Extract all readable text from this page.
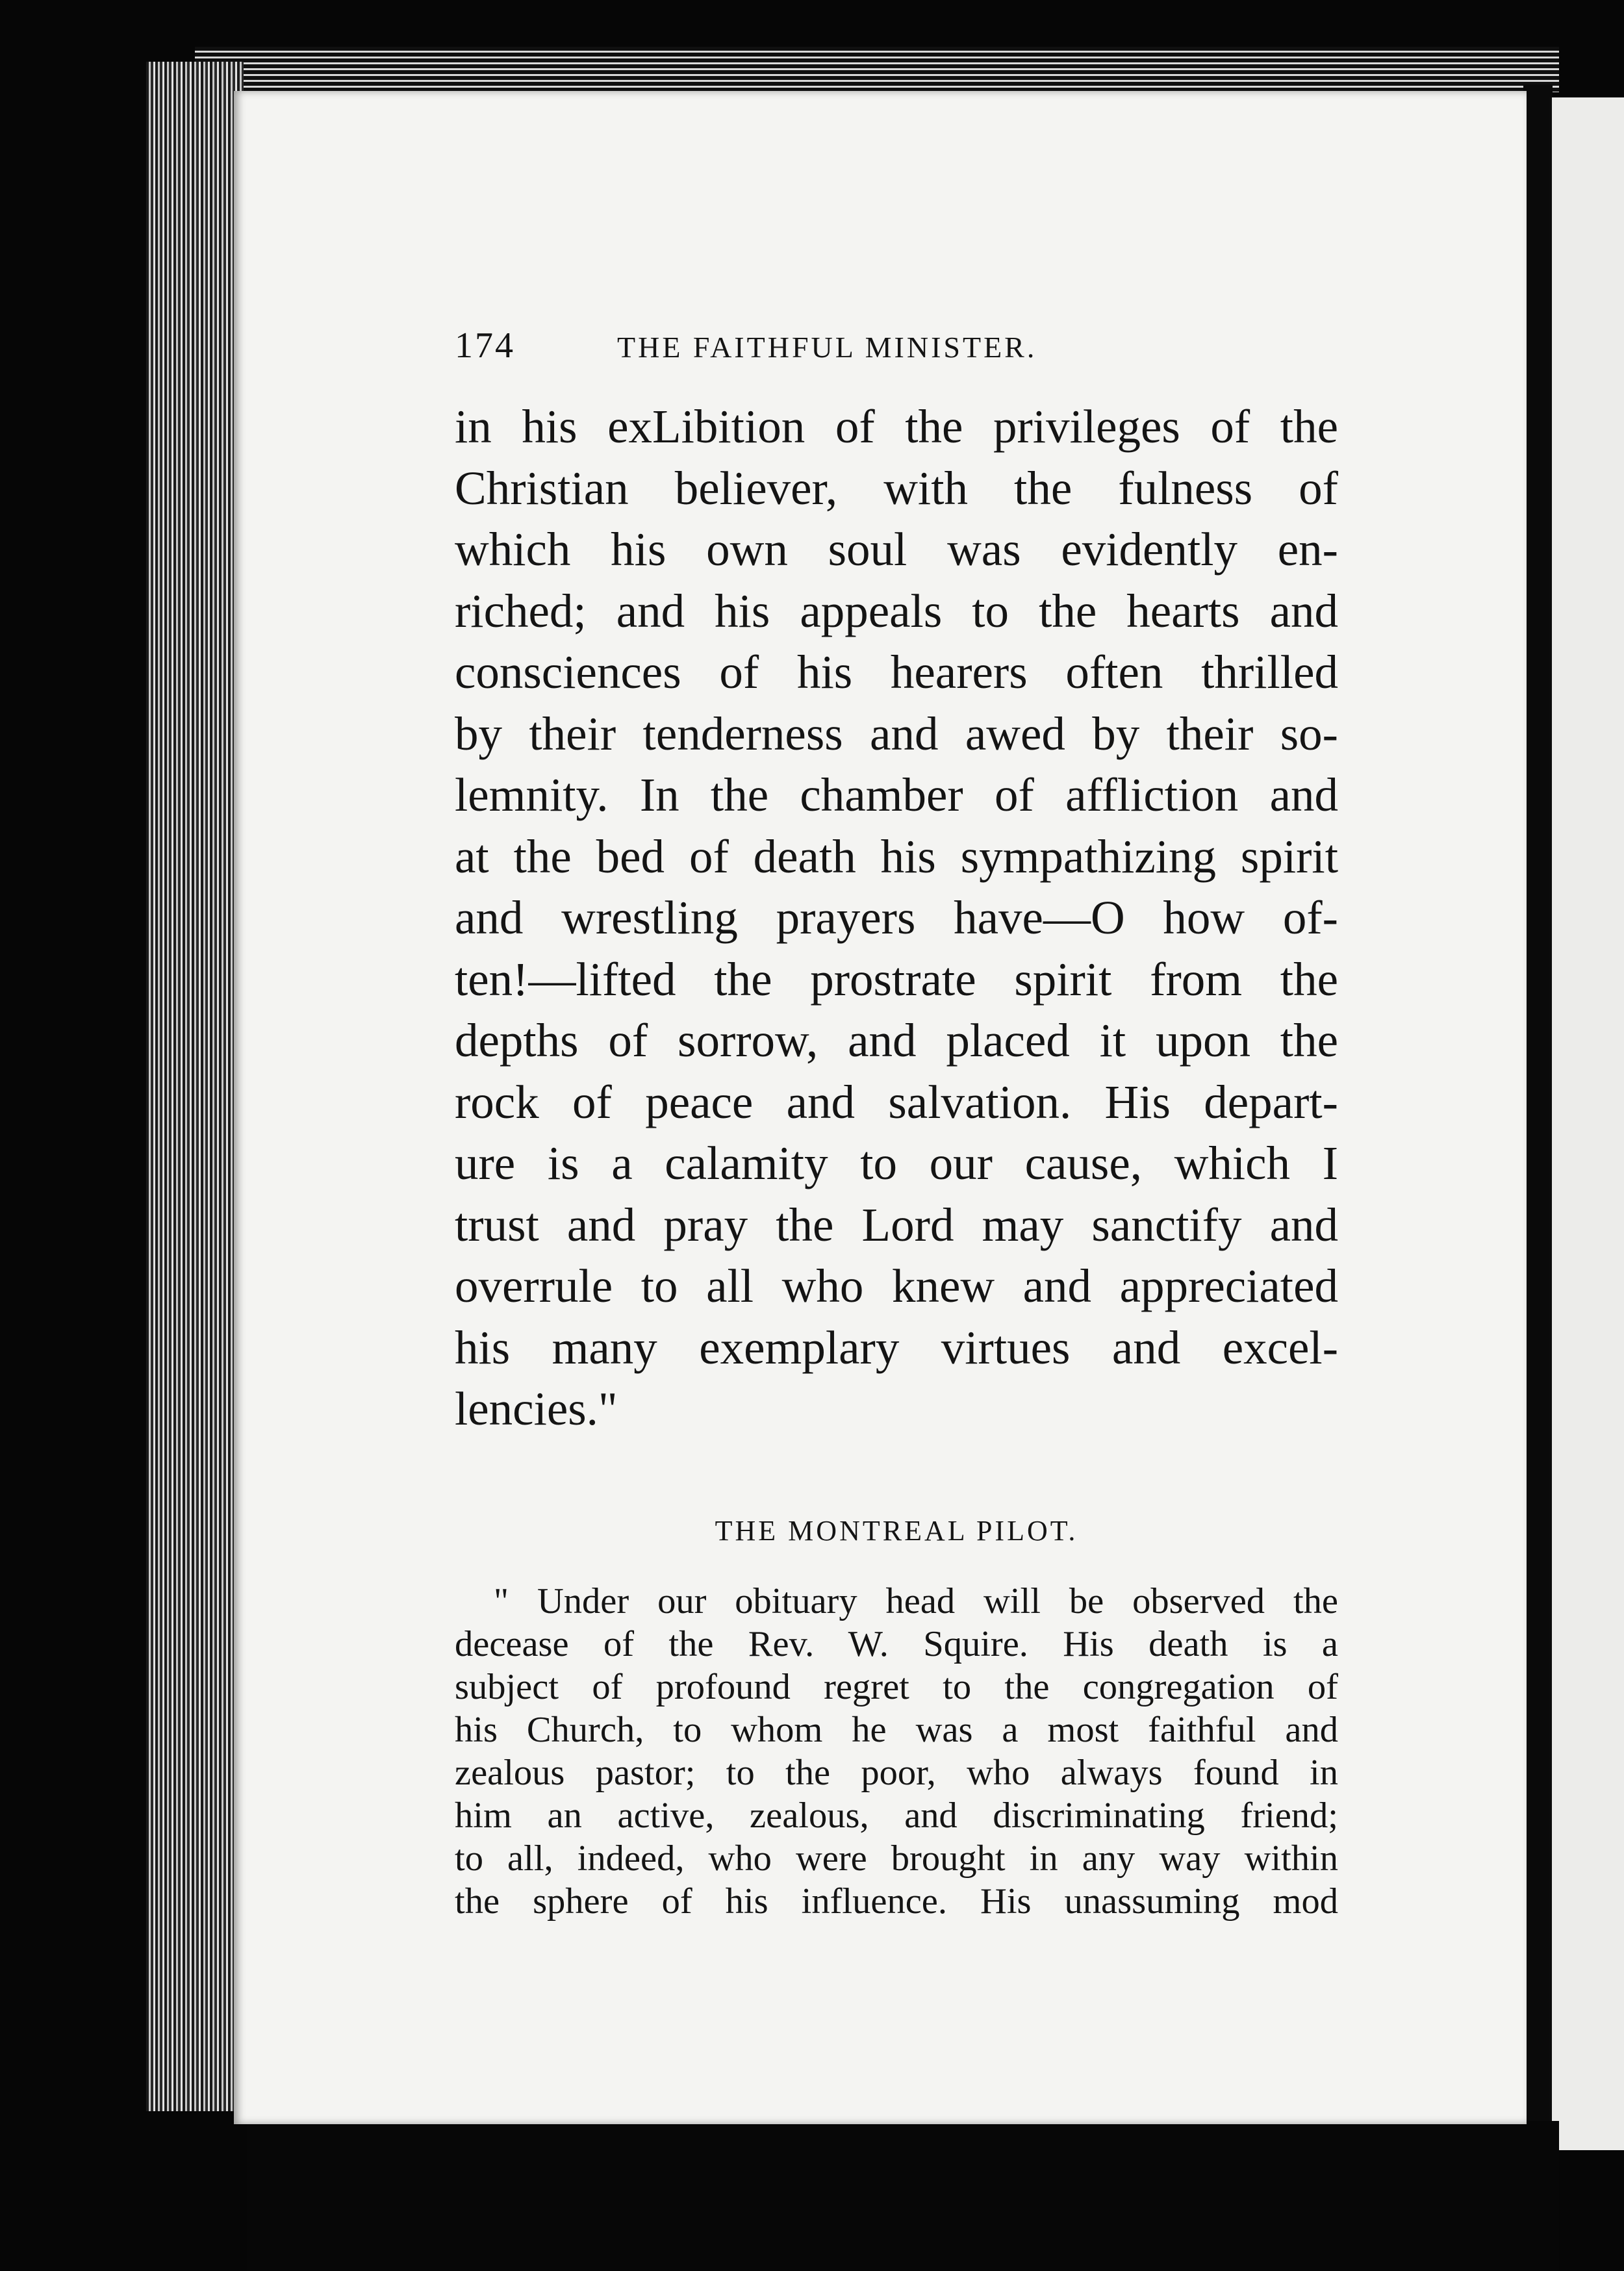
174	THE FAITHFUL MINISTER.
in his exLibition of the privileges of the
Christian believer, with the fulness of
which his own soul was evidently en-
riched; and his appeals to the hearts and
consciences of his hearers often thrilled
by their tenderness and awed by their so-
lemnity. In the chamber of affliction and
at the bed of death his sympathizing spirit
and wrestling prayers have—O how of-
ten!—lifted the prostrate spirit from the
depths of sorrow, and placed it upon the
rock of peace and salvation. His depart-
ure is a calamity to our cause, which I
trust and pray the Lord may sanctify and
overrule to all who knew and appreciated
his many exemplary virtues and excel-
lencies."
THE MONTREAL PILOT.
" Under our obituary head will be observed the
decease of the Rev. W. Squire. His death is a
subject of profound regret to the congregation of
his Church, to whom he was a most faithful and
zealous pastor; to the poor, who always found in
him an active, zealous, and discriminating friend;
to all, indeed, who were brought in any way within
the sphere of his influence. His unassuming mod
